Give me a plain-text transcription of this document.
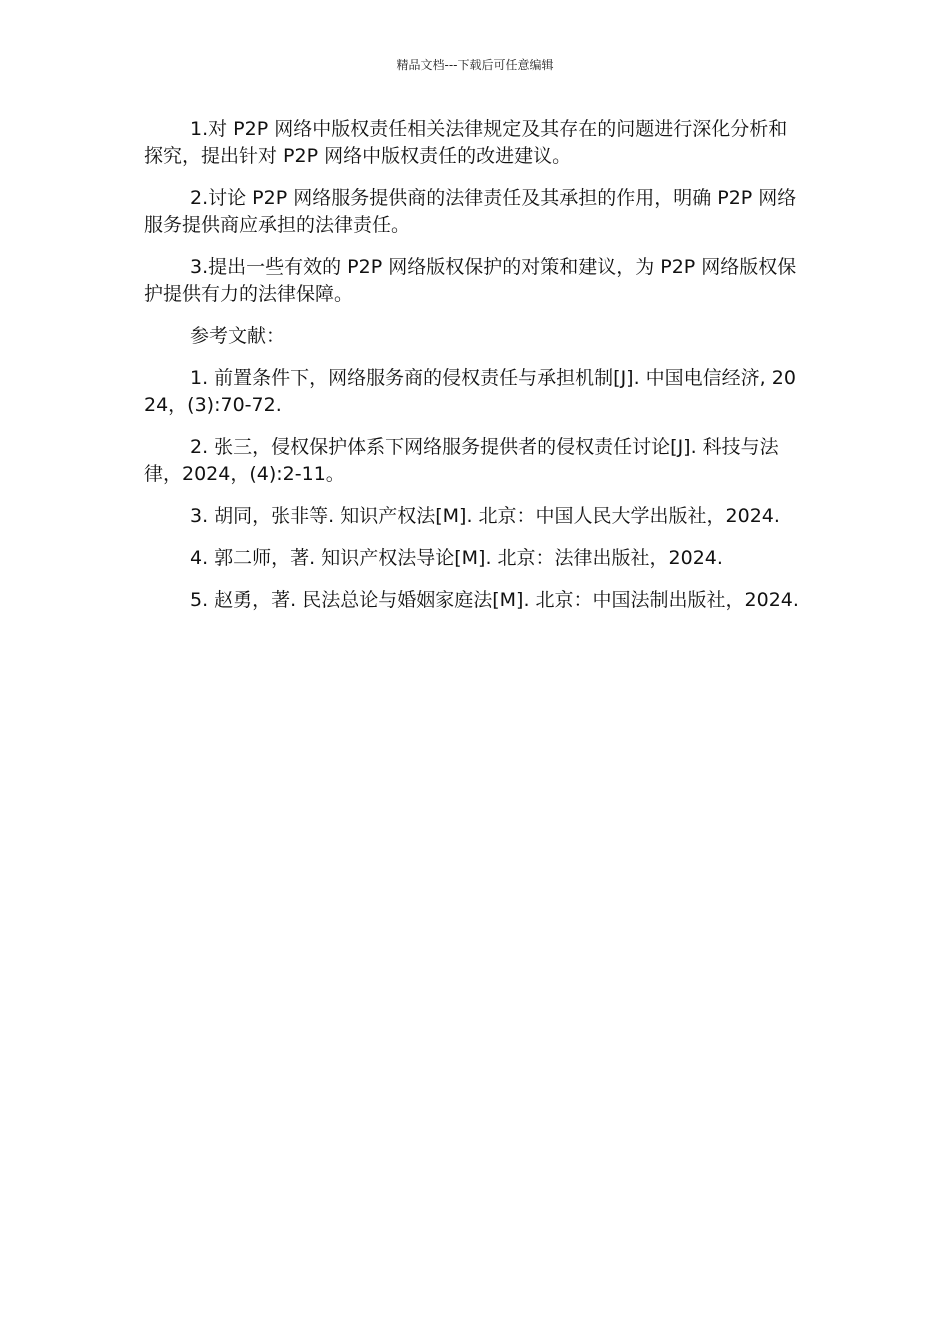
精品文档---下载后可任意编辑

1.对 P2P 网络中版权责任相关法律规定及其存在的问题进行深化分析和探究，提出针对 P2P 网络中版权责任的改进建议。

2.讨论 P2P 网络服务提供商的法律责任及其承担的作用，明确 P2P 网络服务提供商应承担的法律责任。

3.提出一些有效的 P2P 网络版权保护的对策和建议，为 P2P 网络版权保护提供有力的法律保障。

参考文献：

1. 前置条件下，网络服务商的侵权责任与承担机制[J]. 中国电信经济, 2024，(3):70-72.

2. 张三，侵权保护体系下网络服务提供者的侵权责任讨论[J]. 科技与法律，2024，(4):2-11。

3. 胡同，张非等. 知识产权法[M]. 北京：中国人民大学出版社，2024.

4. 郭二师，著. 知识产权法导论[M]. 北京：法律出版社，2024.

5. 赵勇，著. 民法总论与婚姻家庭法[M]. 北京：中国法制出版社，2024.
